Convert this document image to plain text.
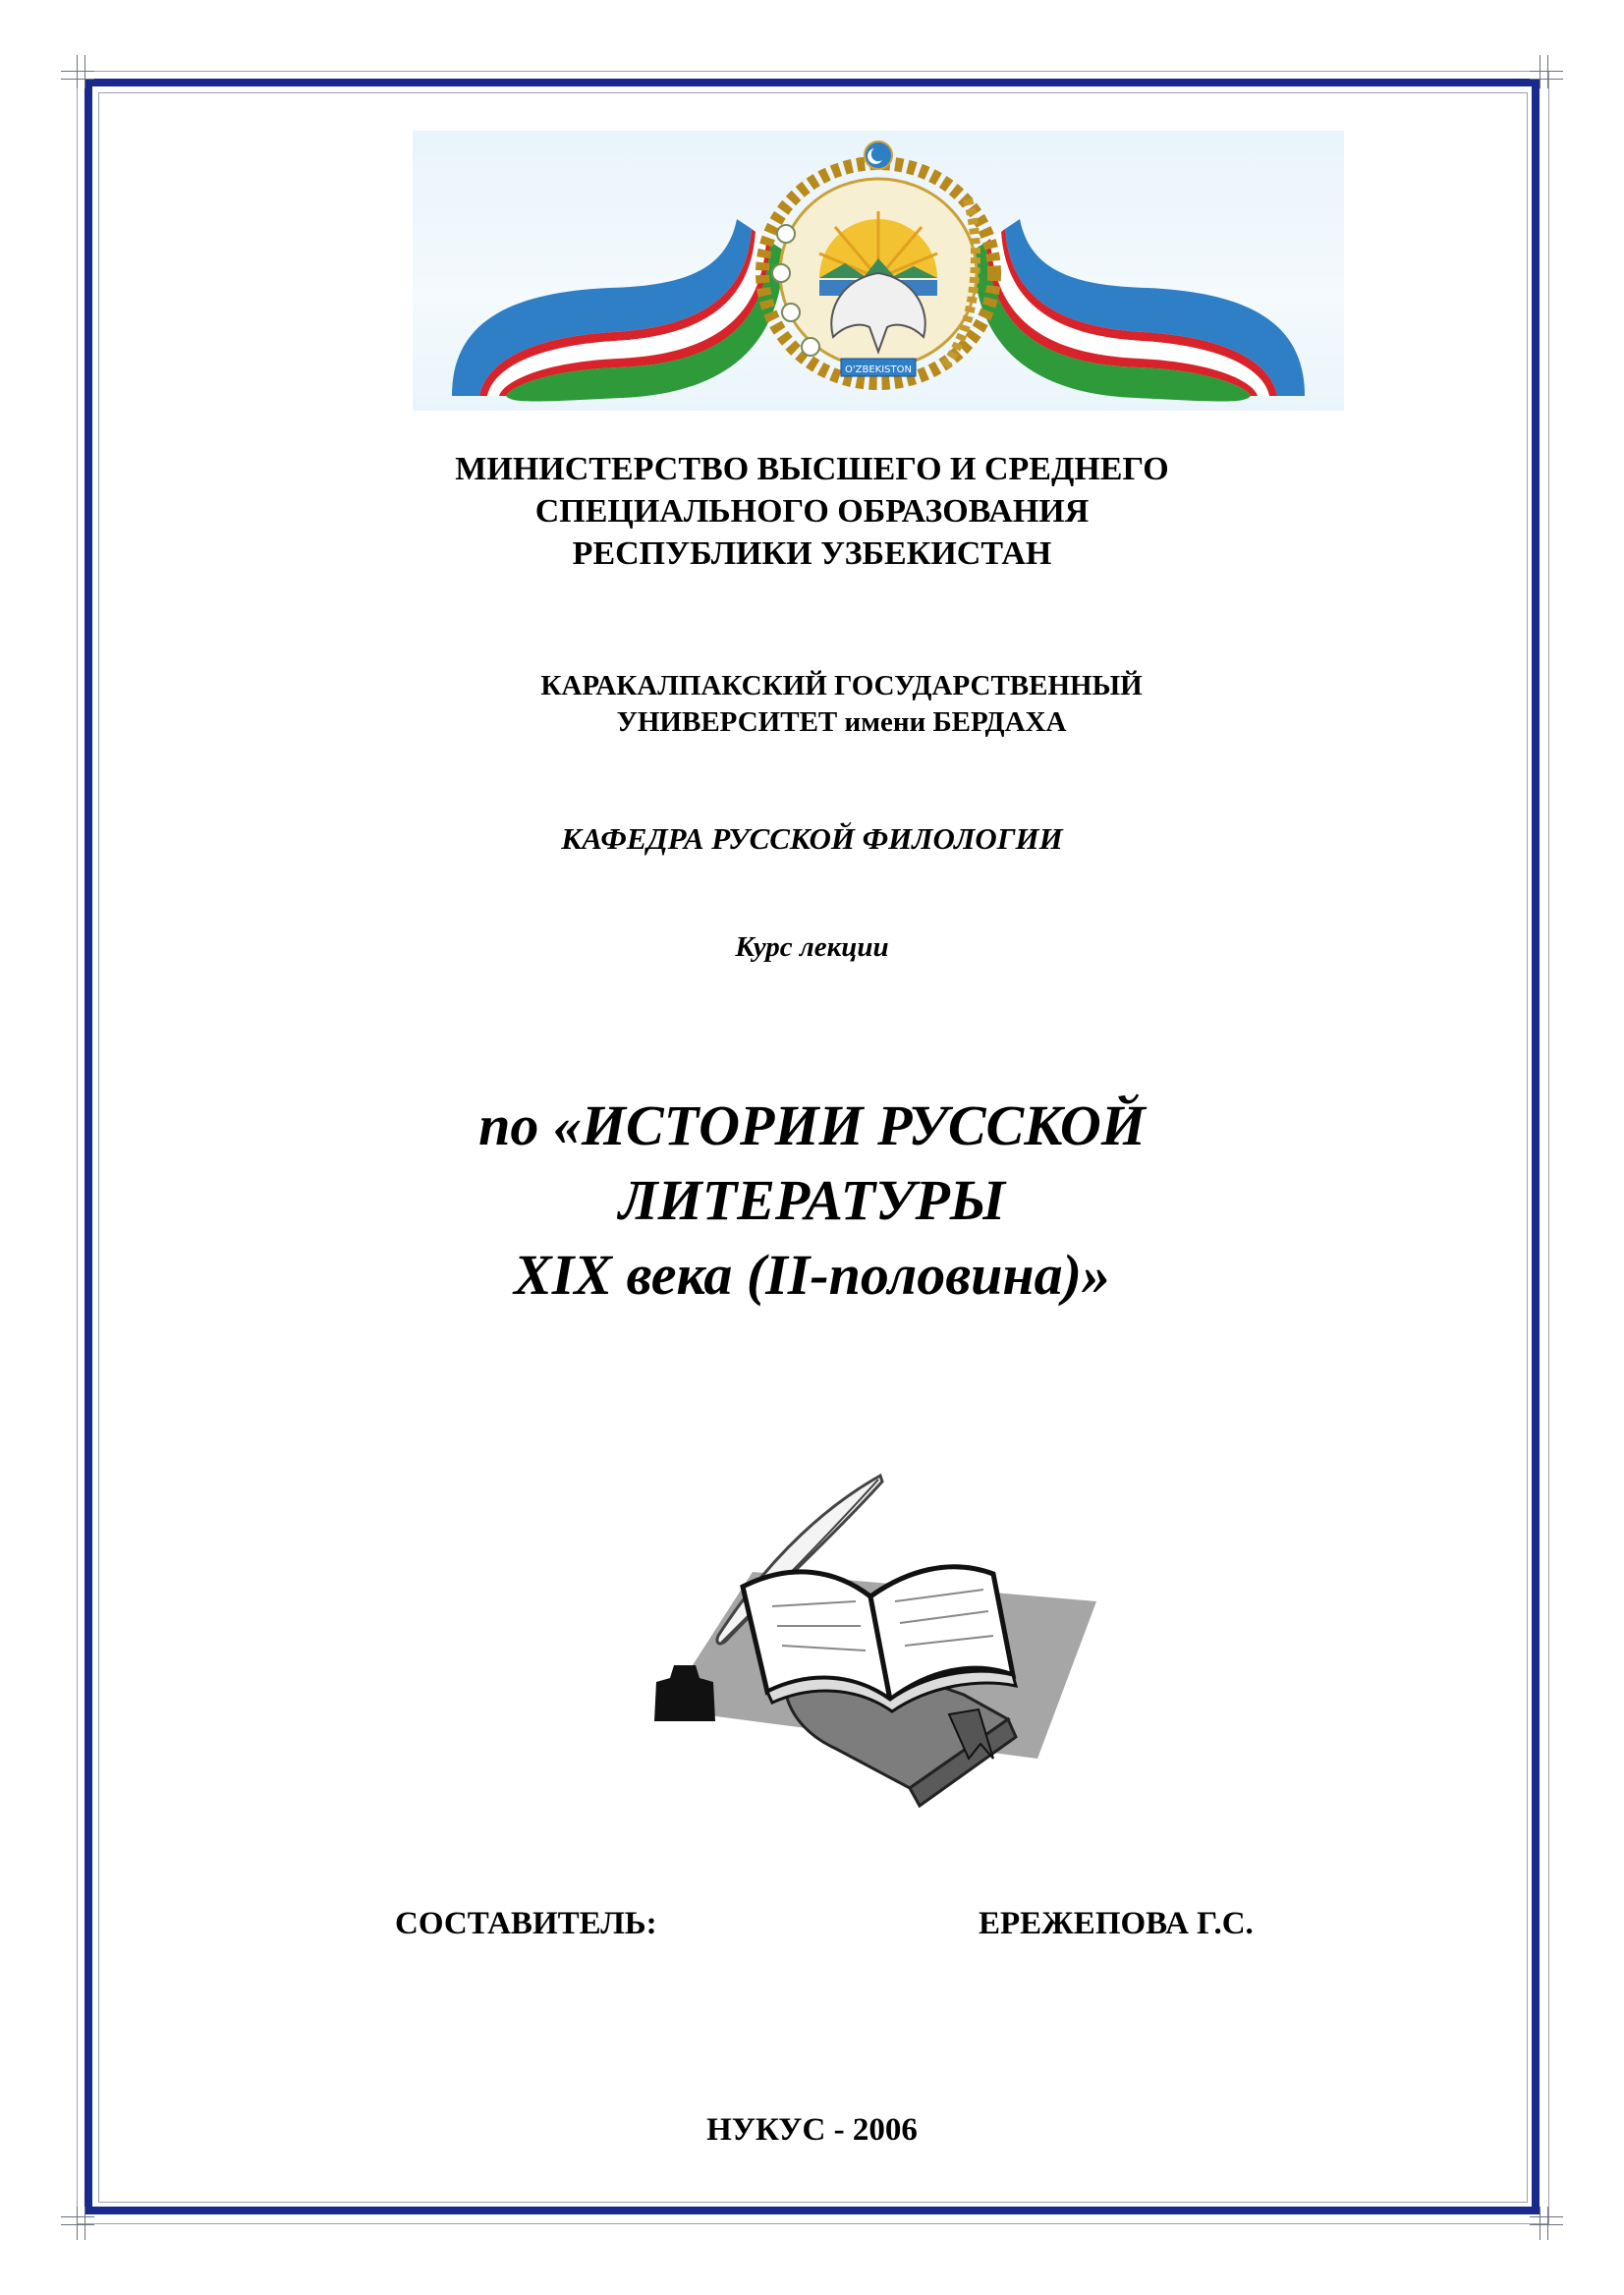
O'ZBEKISTON
МИНИСТЕРСТВО ВЫСШЕГО И СРЕДНЕГО
СПЕЦИАЛЬНОГО ОБРАЗОВАНИЯ
РЕСПУБЛИКИ УЗБЕКИСТАН
КАРАКАЛПАКСКИЙ ГОСУДАРСТВЕННЫЙ
УНИВЕРСИТЕТ имени БЕРДАХА
КАФЕДРА РУССКОЙ ФИЛОЛОГИИ
Курс лекции
по «ИСТОРИИ РУССКОЙ
ЛИТЕРАТУРЫ
XIX века (II-половина)»
СОСТАВИТЕЛЬ:	ЕРЕЖЕПОВА Г.С.
НУКУС - 2006
